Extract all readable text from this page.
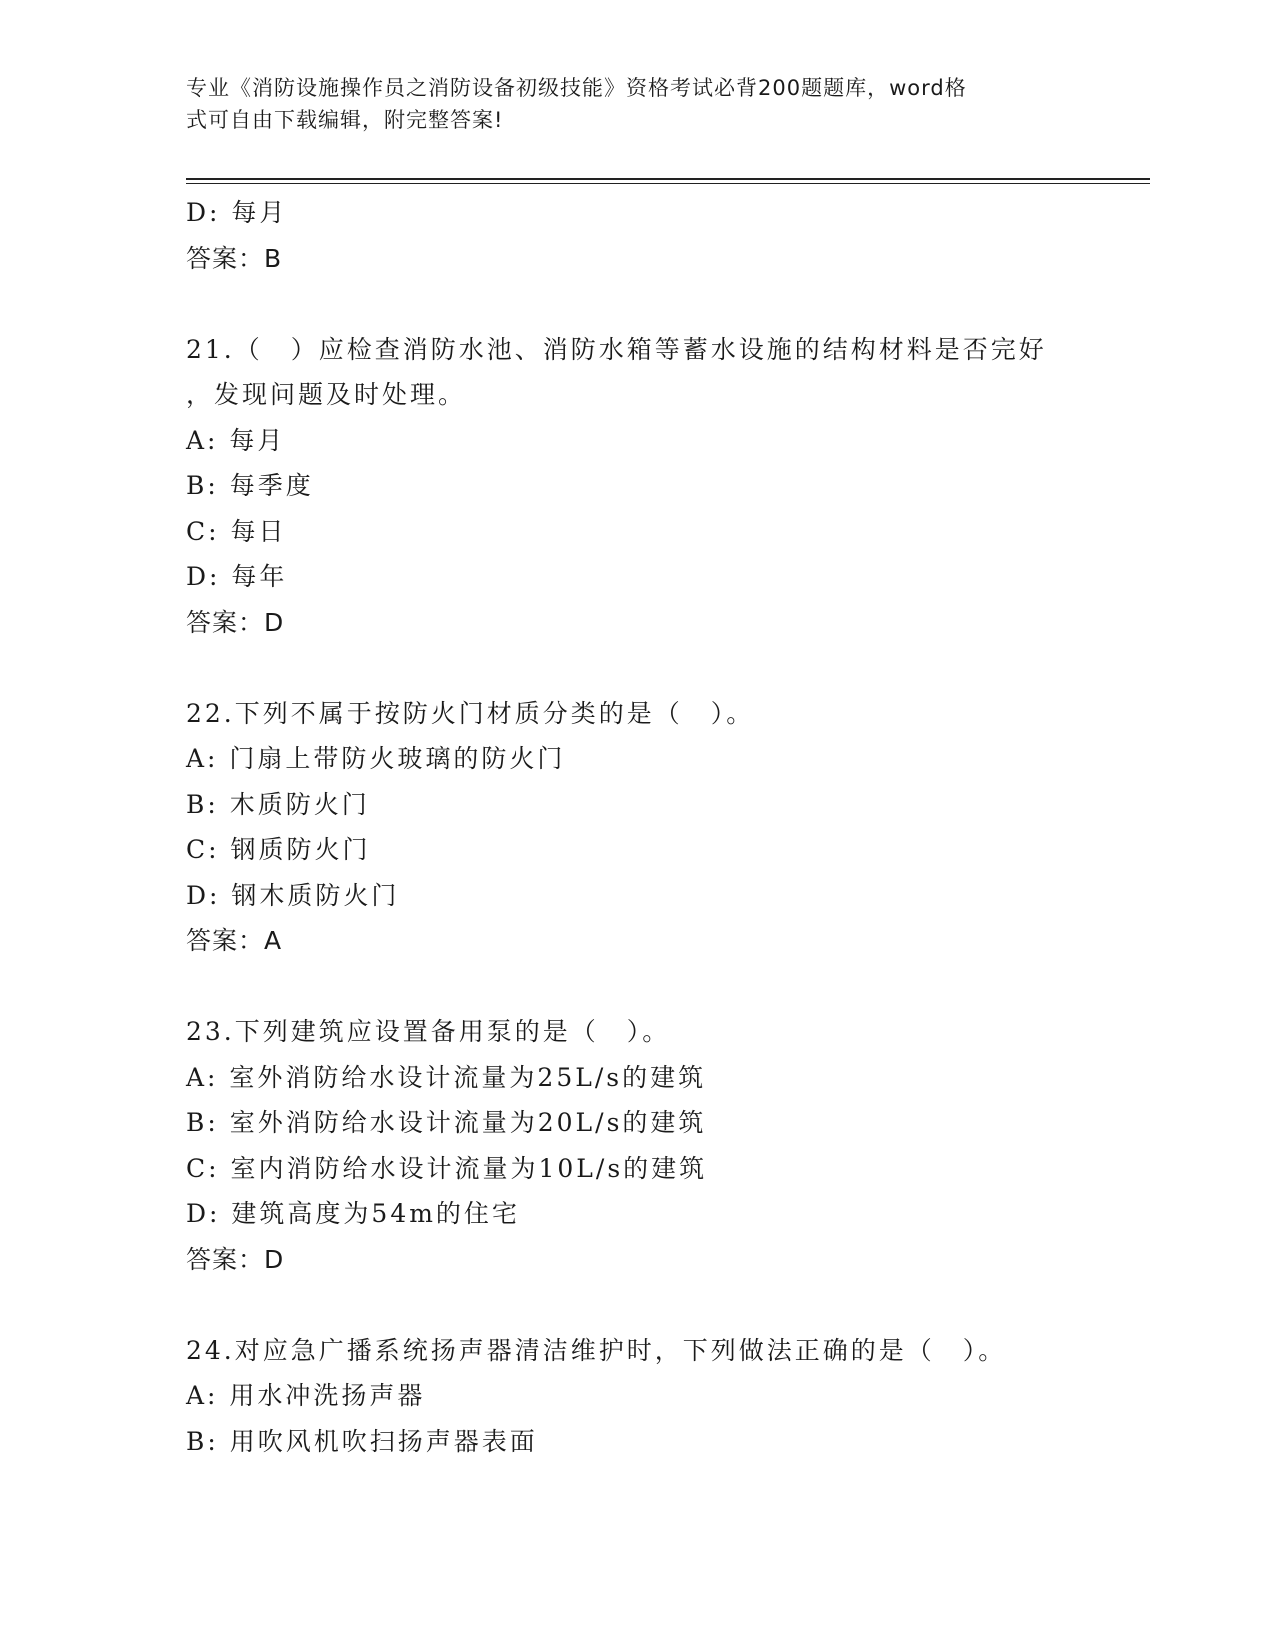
专业《消防设施操作员之消防设备初级技能》资格考试必背200题题库，word格
式可自由下载编辑，附完整答案!
D: 每月
答案：B
21.（　）应检查消防水池、消防水箱等蓄水设施的结构材料是否完好
，发现问题及时处理。
A: 每月
B: 每季度
C: 每日
D: 每年
答案：D
22.下列不属于按防火门材质分类的是（　）。
A: 门扇上带防火玻璃的防火门
B: 木质防火门
C: 钢质防火门
D: 钢木质防火门
答案：A
23.下列建筑应设置备用泵的是（　）。
A: 室外消防给水设计流量为25L/s的建筑
B: 室外消防给水设计流量为20L/s的建筑
C: 室内消防给水设计流量为10L/s的建筑
D: 建筑高度为54m的住宅
答案：D
24.对应急广播系统扬声器清洁维护时，下列做法正确的是（　）。
A: 用水冲洗扬声器
B: 用吹风机吹扫扬声器表面
